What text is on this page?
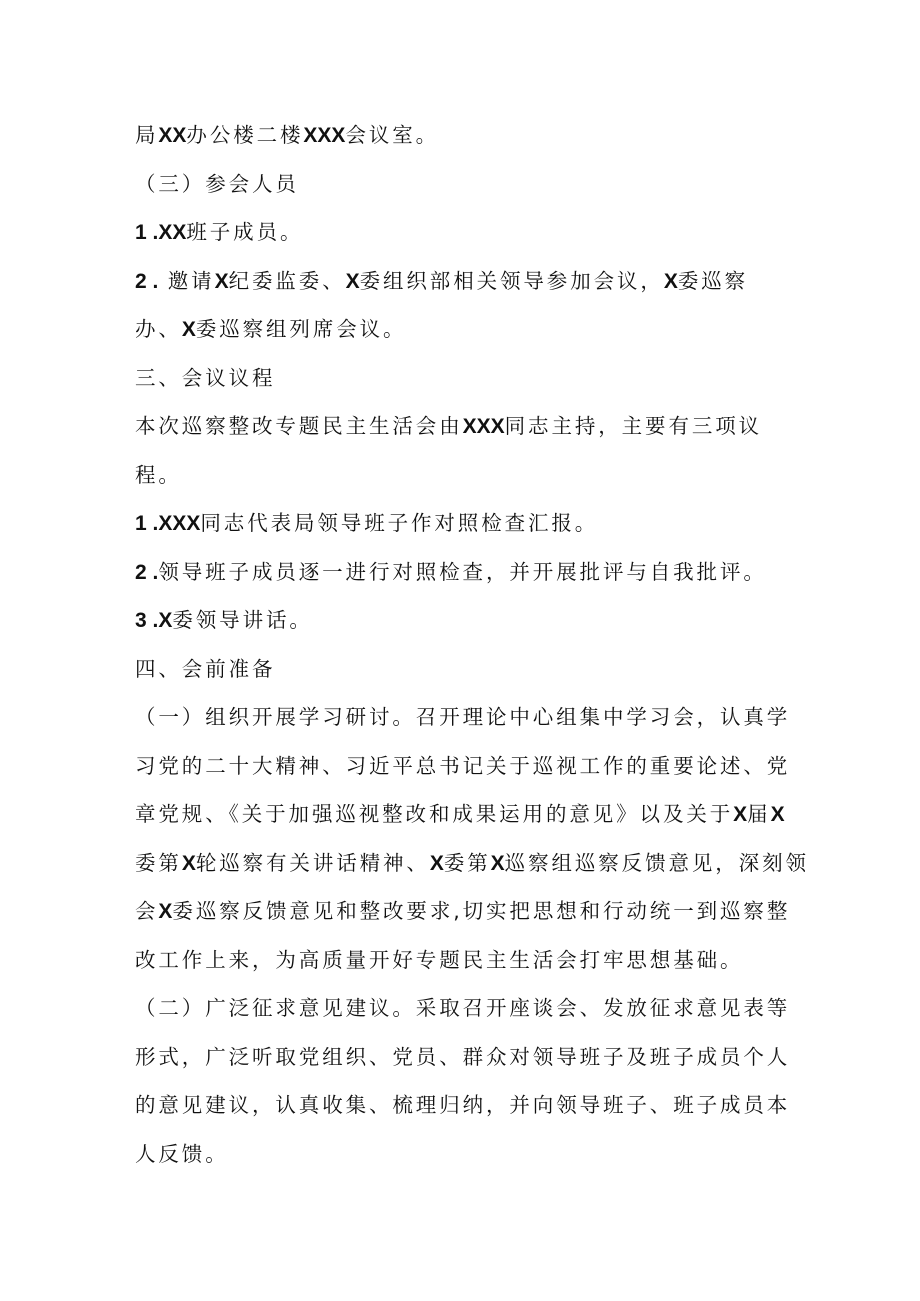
局XX办公楼二楼XXX会议室。
（三）参会人员
1 .XX班子成员。
2 . 邀请X纪委监委、X委组织部相关领导参加会议，X委巡察
办、X委巡察组列席会议。
三、会议议程
本次巡察整改专题民主生活会由XXX同志主持，主要有三项议
程。
1 .XXX同志代表局领导班子作对照检查汇报。
2 .领导班子成员逐一进行对照检查，并开展批评与自我批评。
3 .X委领导讲话。
四、会前准备
（一）组织开展学习研讨。召开理论中心组集中学习会，认真学
习党的二十大精神、习近平总书记关于巡视工作的重要论述、党
章党规、《关于加强巡视整改和成果运用的意见》以及关于X届X
委第X轮巡察有关讲话精神、X委第X巡察组巡察反馈意见，深刻领
会X委巡察反馈意见和整改要求,切实把思想和行动统一到巡察整
改工作上来，为高质量开好专题民主生活会打牢思想基础。
（二）广泛征求意见建议。采取召开座谈会、发放征求意见表等
形式，广泛听取党组织、党员、群众对领导班子及班子成员个人
的意见建议，认真收集、梳理归纳，并向领导班子、班子成员本
人反馈。
